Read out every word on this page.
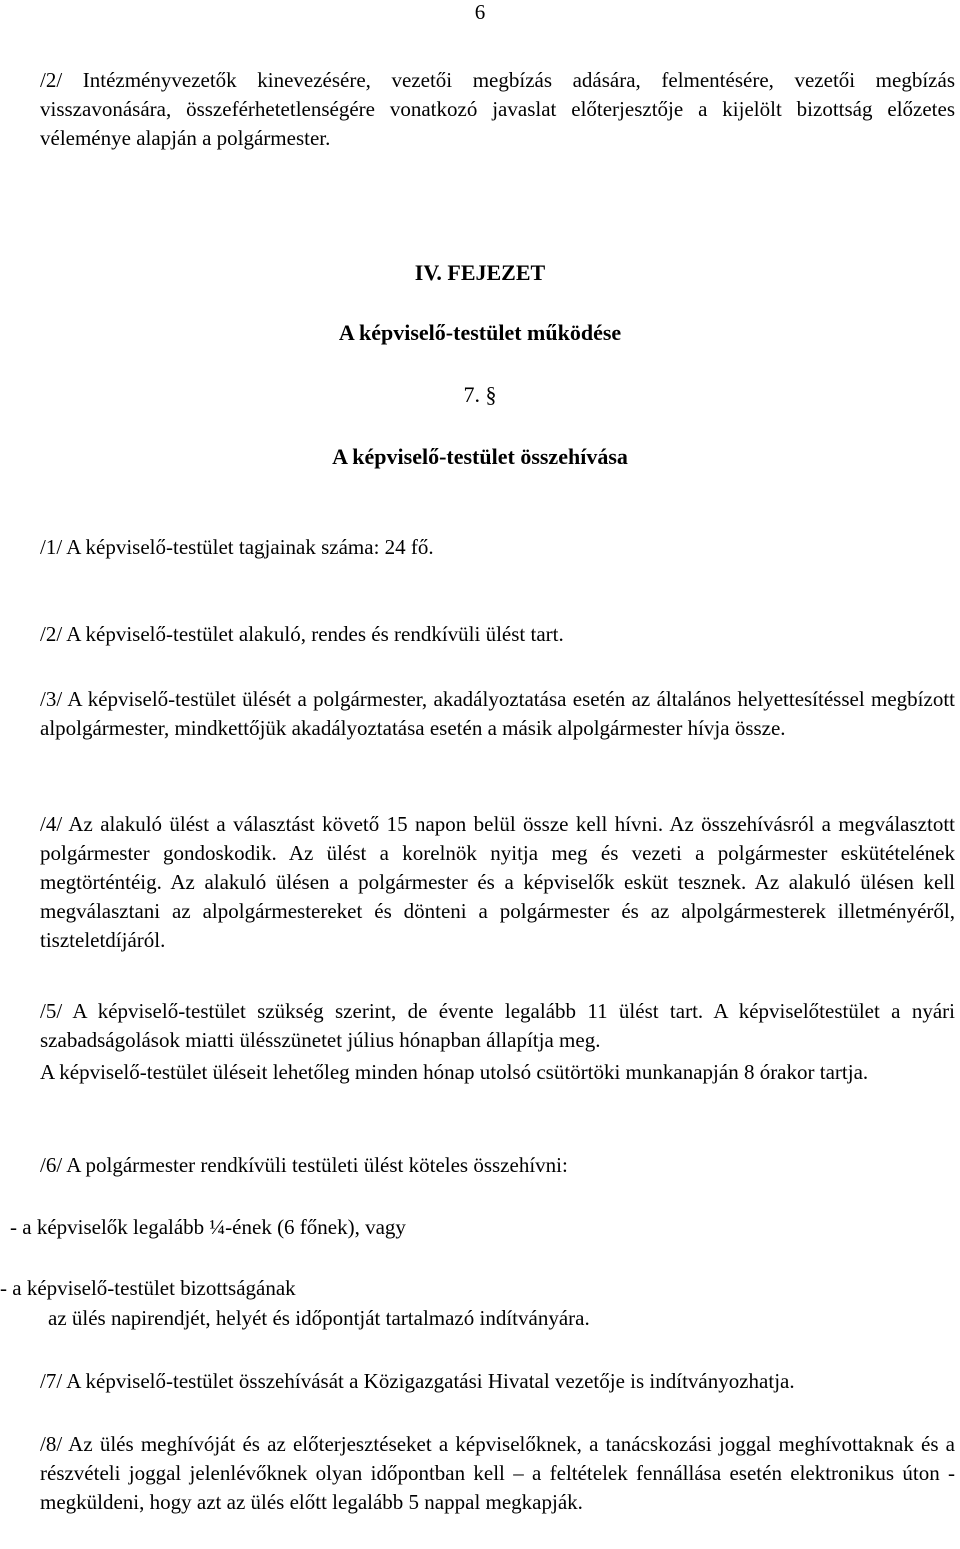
6

/2/ Intézményvezetők kinevezésére, vezetői megbízás adására, felmentésére, vezetői megbízás visszavonására, összeférhetetlenségére vonatkozó javaslat előterjesztője a kijelölt bizottság előzetes véleménye alapján a polgármester.

IV. FEJEZET
A képviselő-testület működése
7. §
A képviselő-testület összehívása

/1/ A képviselő-testület tagjainak száma: 24 fő.

/2/ A képviselő-testület alakuló, rendes és rendkívüli ülést tart.

/3/ A képviselő-testület ülését a polgármester, akadályoztatása esetén az általános helyettesítéssel megbízott alpolgármester, mindkettőjük akadályoztatása esetén a másik alpolgármester hívja össze.

/4/ Az alakuló ülést a választást követő 15 napon belül össze kell hívni. Az összehívásról a megválasztott polgármester gondoskodik. Az ülést a korelnök nyitja meg és vezeti a polgármester eskütételének megtörténtéig. Az alakuló ülésen a polgármester és a képviselők esküt tesznek. Az alakuló ülésen kell megválasztani az alpolgármestereket és dönteni a polgármester és az alpolgármesterek illetményéről, tiszteletdíjáról.

/5/ A képviselő-testület szükség szerint, de évente legalább 11 ülést tart. A képviselőtestület a nyári szabadságolások miatti ülésszünetet július hónapban állapítja meg.

A képviselő-testület üléseit lehetőleg minden hónap utolsó csütörtöki munkanapján 8 órakor tartja.

/6/ A polgármester rendkívüli testületi ülést köteles összehívni:

- a képviselők legalább ¼-ének (6 főnek), vagy
- a képviselő-testület bizottságának
az ülés napirendjét, helyét és időpontját tartalmazó indítványára.

/7/ A képviselő-testület összehívását a Közigazgatási Hivatal vezetője is indítványozhatja.

/8/ Az ülés meghívóját és az előterjesztéseket a képviselőknek, a tanácskozási joggal meghívottaknak és a részvételi joggal jelenlévőknek olyan időpontban kell – a feltételek fennállása esetén elektronikus úton - megküldeni, hogy azt az ülés előtt legalább 5 nappal megkapják.
